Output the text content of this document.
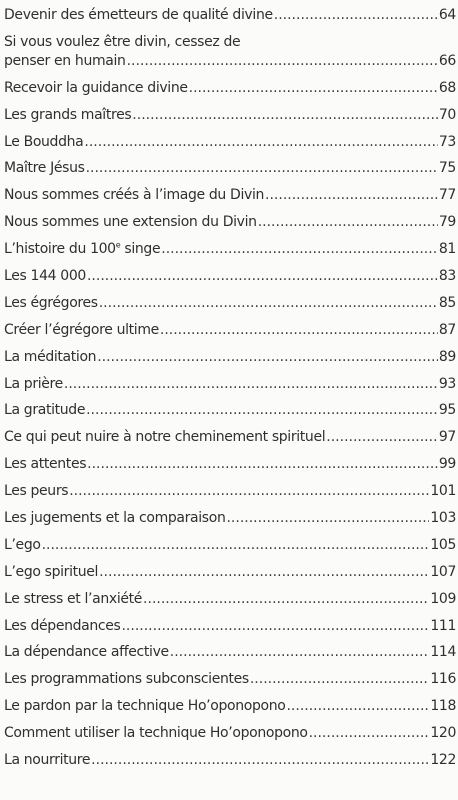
Devenir des émetteurs de qualité divine .....	64
Si vous voulez être divin, cessez de
penser en humain .....	66
Recevoir la guidance divine .....	68
Les grands maîtres .....	70
Le Bouddha .....	73
Maître Jésus .....	75
Nous sommes créés à l’image du Divin .....	77
Nous sommes une extension du Divin .....	79
L’histoire du 100e singe .....	81
Les 144 000 .....	83
Les égrégores .....	85
Créer l’égrégore ultime .....	87
La méditation .....	89
La prière .....	93
La gratitude .....	95
Ce qui peut nuire à notre cheminement spirituel .....	97
Les attentes .....	99
Les peurs .....	101
Les jugements et la comparaison .....	103
L’ego .....	105
L’ego spirituel .....	107
Le stress et l’anxiété .....	109
Les dépendances .....	111
La dépendance affective .....	114
Les programmations subconscientes .....	116
Le pardon par la technique Ho’oponopono .....	118
Comment utiliser la technique Ho’oponopono .....	120
La nourriture .....	122
